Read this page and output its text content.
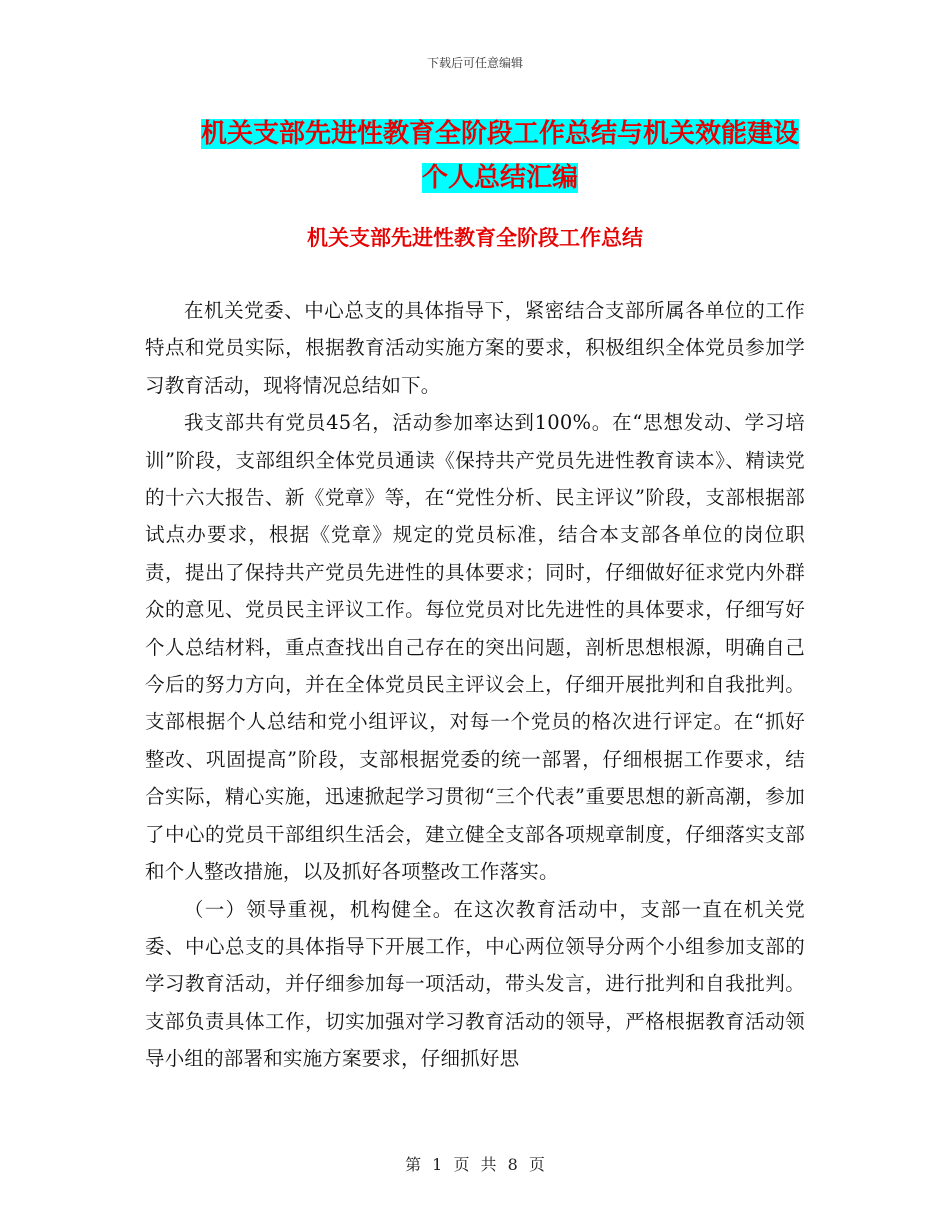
下载后可任意编辑
机关支部先进性教育全阶段工作总结与机关效能建设
个人总结汇编
机关支部先进性教育全阶段工作总结

在机关党委、中心总支的具体指导下，紧密结合支部所属各单位的工作特点和党员实际，根据教育活动实施方案的要求，积极组织全体党员参加学习教育活动，现将情况总结如下。

我支部共有党员45名，活动参加率达到100%。在“思想发动、学习培训”阶段，支部组织全体党员通读《保持共产党员先进性教育读本》、精读党的十六大报告、新《党章》等，在“党性分析、民主评议”阶段，支部根据部试点办要求，根据《党章》规定的党员标准，结合本支部各单位的岗位职责，提出了保持共产党员先进性的具体要求；同时，仔细做好征求党内外群众的意见、党员民主评议工作。每位党员对比先进性的具体要求，仔细写好个人总结材料，重点查找出自己存在的突出问题，剖析思想根源，明确自己今后的努力方向，并在全体党员民主评议会上，仔细开展批判和自我批判。支部根据个人总结和党小组评议，对每一个党员的格次进行评定。在“抓好整改、巩固提高”阶段，支部根据党委的统一部署，仔细根据工作要求，结合实际，精心实施，迅速掀起学习贯彻“三个代表”重要思想的新高潮，参加了中心的党员干部组织生活会，建立健全支部各项规章制度，仔细落实支部和个人整改措施，以及抓好各项整改工作落实。

（一）领导重视，机构健全。在这次教育活动中，支部一直在机关党委、中心总支的具体指导下开展工作，中心两位领导分两个小组参加支部的学习教育活动，并仔细参加每一项活动，带头发言，进行批判和自我批判。支部负责具体工作，切实加强对学习教育活动的领导，严格根据教育活动领导小组的部署和实施方案要求，仔细抓好思

第 1 页 共 8 页
